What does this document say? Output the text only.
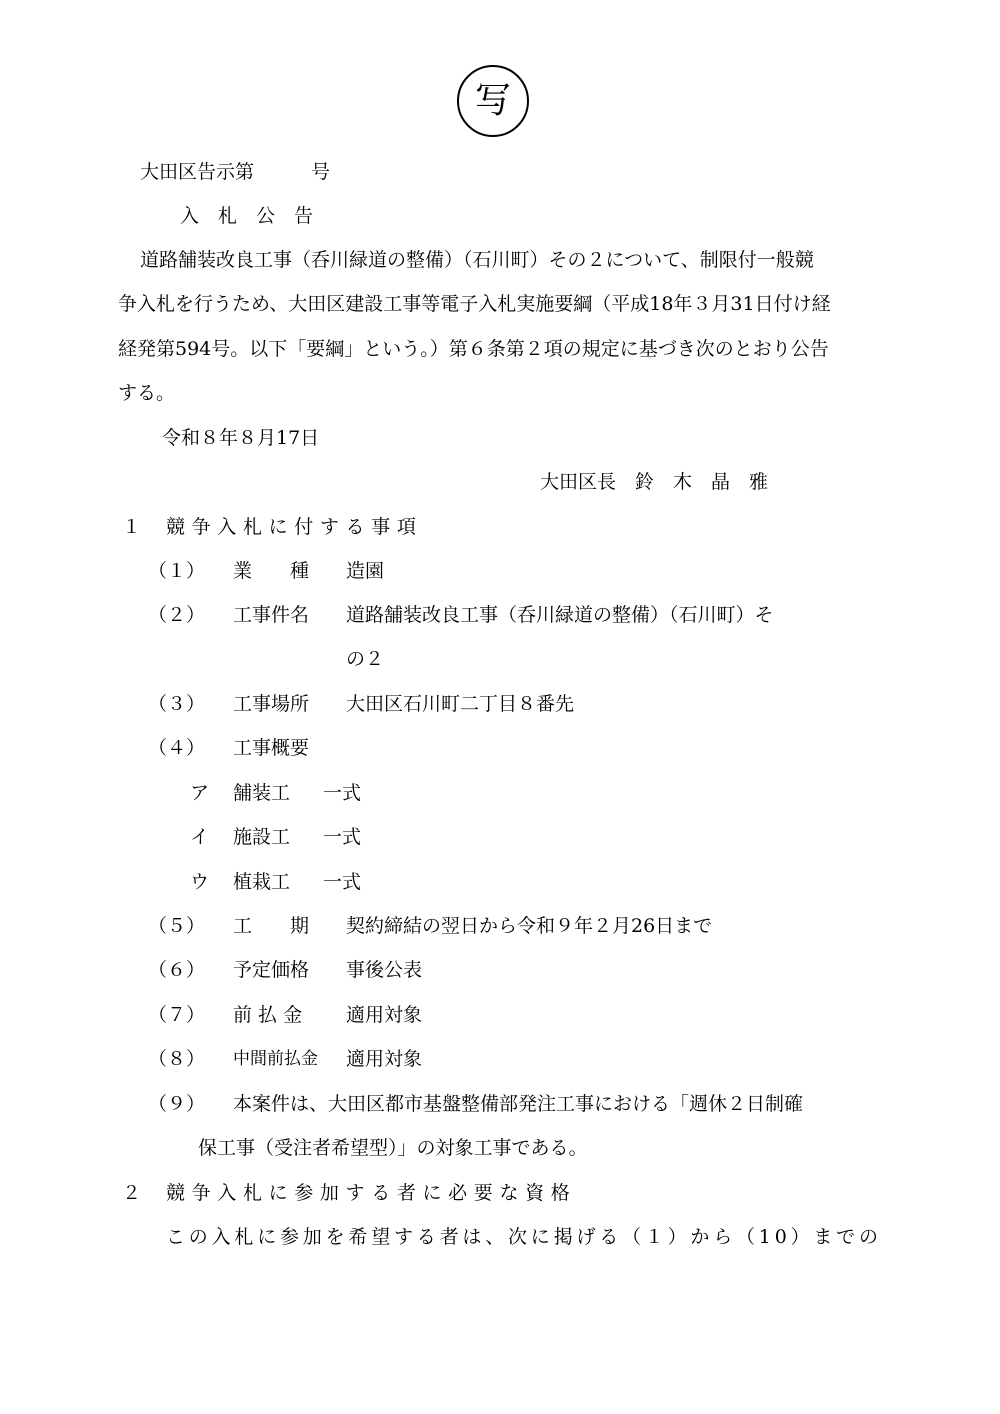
写
大田区告示第　　　号
入　札　公　告
道路舗装改良工事（呑川緑道の整備）（石川町）その２について、制限付一般競
争入札を行うため、大田区建設工事等電子入札実施要綱（平成18年３月31日付け経
経発第594号。以下「要綱」という。）第６条第２項の規定に基づき次のとおり公告
する。
令和８年８月17日
大田区長　鈴　木　晶　雅
１ 競争入札に付する事項
（１） 業　　種 造園
（２） 工事件名 道路舗装改良工事（呑川緑道の整備）（石川町）そ
の２
（３） 工事場所 大田区石川町二丁目８番先
（４） 工事概要
ア 舗装工 一式
イ 施設工 一式
ウ 植栽工 一式
（５） 工　　期 契約締結の翌日から令和９年２月26日まで
（６） 予定価格 事後公表
（７） 前 払 金 適用対象
（８） 中間前払金 適用対象
（９） 本案件は、大田区都市基盤整備部発注工事における「週休２日制確
保工事（受注者希望型）」の対象工事である。
２ 競争入札に参加する者に必要な資格
この入札に参加を希望する者は、次に掲げる（１）から（10）までの
